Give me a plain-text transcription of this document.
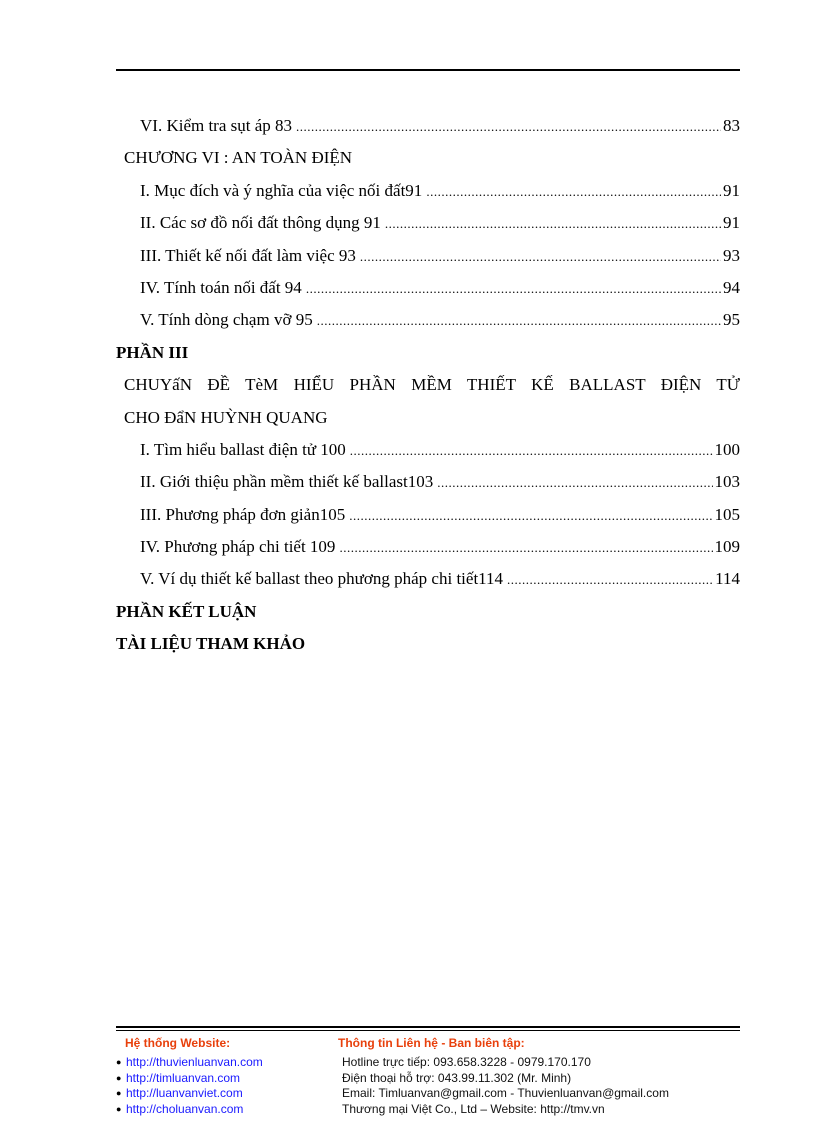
VI. Kiểm tra sụt áp 83 .....	83
CHƯƠNG VI : AN TOÀN ĐIỆN
I. Mục đích và ý nghĩa của việc nối đất91 .....	91
II. Các sơ đồ nối đất thông dụng 91 .....	91
III. Thiết kế nối đất làm việc 93 .....	93
IV. Tính toán nối đất 94 .....	94
V. Tính dòng chạm vỡ 95 .....	95
PHẦN III
CHUYấN ĐỀ TèM HIỂU PHẦN MỀM THIẾT KẾ BALLAST ĐIỆN TỬ
CHO ĐẩN HUỲNH QUANG
I. Tìm hiểu ballast điện tử 100 .....	100
II. Giới thiệu phần mềm thiết kế ballast103 .....	103
III. Phương pháp đơn giản105 .....	105
IV. Phương pháp chi tiết 109 .....	109
V. Ví dụ thiết kế ballast theo phương pháp chi tiết114 .....	114
PHẦN KẾT LUẬN
TÀI LIỆU THAM KHẢO
Hệ thống Website:
● http://thuvienluanvan.com
● http://timluanvan.com
● http://luanvanviet.com
● http://choluanvan.com
Thông tin Liên hệ - Ban biên tập:
Hotline trực tiếp: 093.658.3228 - 0979.170.170
Điện thoại hỗ trợ: 043.99.11.302 (Mr. Minh)
Email: Timluanvan@gmail.com - Thuvienluanvan@gmail.com
Thương mại Việt Co., Ltd – Website: http://tmv.vn
